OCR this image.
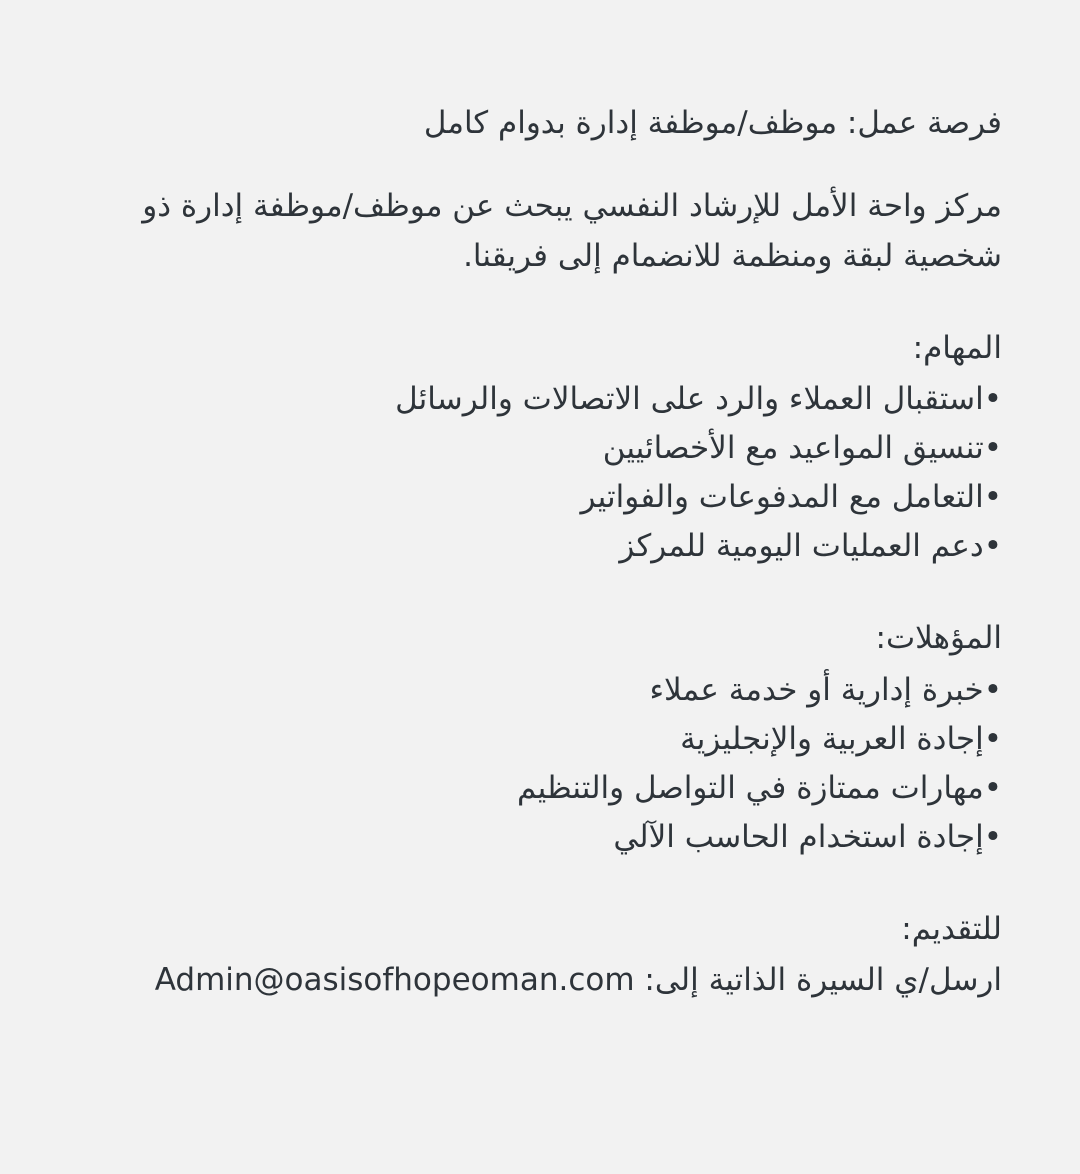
فرصة عمل: موظف/موظفة إدارة بدوام كامل
مركز واحة الأمل للإرشاد النفسي يبحث عن موظف/موظفة إدارة ذو شخصية لبقة ومنظمة للانضمام إلى فريقنا.
المهام:
•استقبال العملاء والرد على الاتصالات والرسائل
•تنسيق المواعيد مع الأخصائيين
•التعامل مع المدفوعات والفواتير
•دعم العمليات اليومية للمركز
المؤهلات:
•خبرة إدارية أو خدمة عملاء
•إجادة العربية والإنجليزية
•مهارات ممتازة في التواصل والتنظيم
•إجادة استخدام الحاسب الآلي
للتقديم:
ارسل/ي السيرة الذاتية إلى: Admin@oasisofhopeoman.com
